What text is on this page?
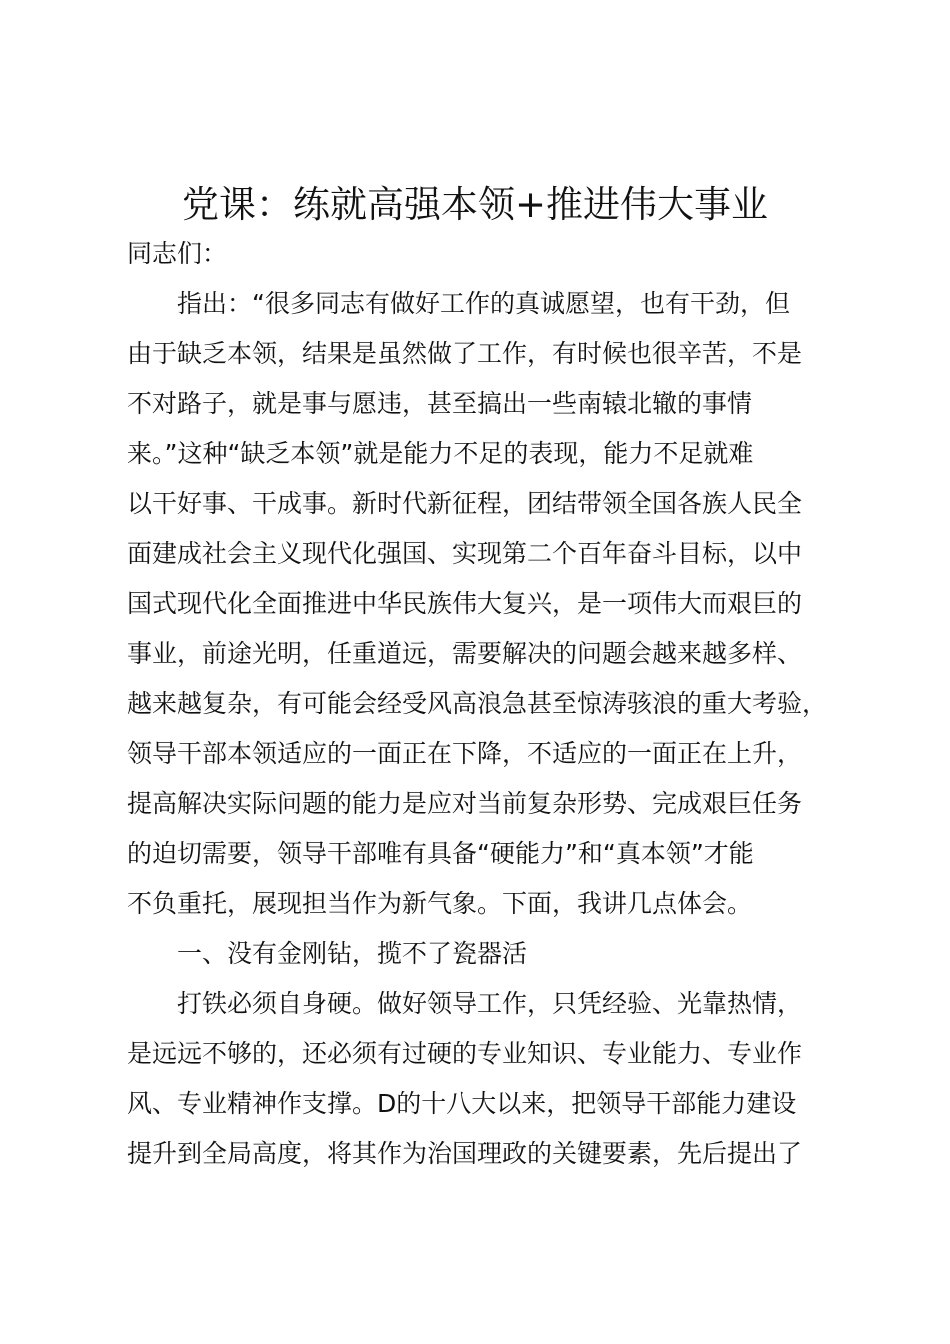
党课：练就高强本领+推进伟大事业

同志们：

指出：“很多同志有做好工作的真诚愿望，也有干劲，但

由于缺乏本领，结果是虽然做了工作，有时候也很辛苦，不是

不对路子，就是事与愿违，甚至搞出一些南辕北辙的事情

来。”这种“缺乏本领”就是能力不足的表现，能力不足就难

以干好事、干成事。新时代新征程，团结带领全国各族人民全

面建成社会主义现代化强国、实现第二个百年奋斗目标，以中

国式现代化全面推进中华民族伟大复兴，是一项伟大而艰巨的

事业，前途光明，任重道远，需要解决的问题会越来越多样、

越来越复杂，有可能会经受风高浪急甚至惊涛骇浪的重大考验，

领导干部本领适应的一面正在下降，不适应的一面正在上升，

提高解决实际问题的能力是应对当前复杂形势、完成艰巨任务

的迫切需要，领导干部唯有具备“硬能力”和“真本领”才能

不负重托，展现担当作为新气象。下面，我讲几点体会。

一、没有金刚钻，揽不了瓷器活

打铁必须自身硬。做好领导工作，只凭经验、光靠热情，

是远远不够的，还必须有过硬的专业知识、专业能力、专业作

风、专业精神作支撑。D的十八大以来，把领导干部能力建设

提升到全局高度，将其作为治国理政的关键要素，先后提出了
